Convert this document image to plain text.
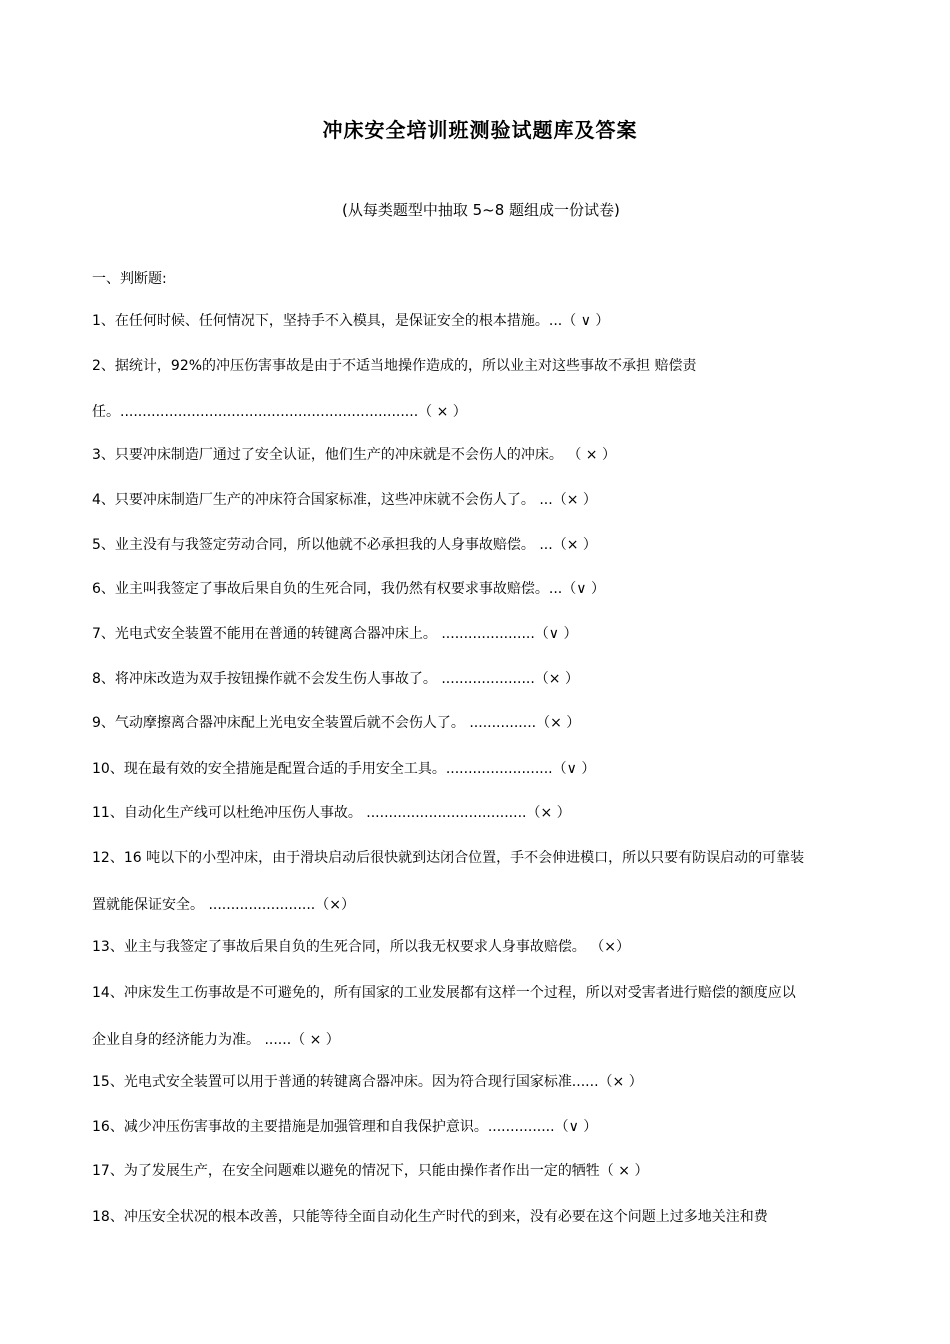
冲床安全培训班测验试题库及答案
(从每类题型中抽取 5~8 题组成一份试卷)
一、判断题:
1、在任何时候、任何情况下，坚持手不入模具，是保证安全的根本措施。...（ ∨ ）
2、据统计，92%的冲压伤害事故是由于不适当地操作造成的，所以业主对这些事故不承担 赔偿责
任。...................................................................（ × ）
3、只要冲床制造厂通过了安全认证，他们生产的冲床就是不会伤人的冲床。 （ × ）
4、只要冲床制造厂生产的冲床符合国家标准，这些冲床就不会伤人了。 ...（× ）
5、业主没有与我签定劳动合同，所以他就不必承担我的人身事故赔偿。 ...（× ）
6、业主叫我签定了事故后果自负的生死合同，我仍然有权要求事故赔偿。...（∨ ）
7、光电式安全装置不能用在普通的转键离合器冲床上。 .....................（∨ ）
8、将冲床改造为双手按钮操作就不会发生伤人事故了。 .....................（× ）
9、气动摩擦离合器冲床配上光电安全装置后就不会伤人了。 ...............（× ）
10、现在最有效的安全措施是配置合适的手用安全工具。........................（∨ ）
11、自动化生产线可以杜绝冲压伤人事故。 ....................................（× ）
12、16 吨以下的小型冲床，由于滑块启动后很快就到达闭合位置，手不会伸进模口，所以只要有防误启动的可靠装
置就能保证安全。 ........................（×）
13、业主与我签定了事故后果自负的生死合同，所以我无权要求人身事故赔偿。 （×）
14、冲床发生工伤事故是不可避免的，所有国家的工业发展都有这样一个过程，所以对受害者进行赔偿的额度应以
企业自身的经济能力为准。 ......（ × ）
15、光电式安全装置可以用于普通的转键离合器冲床。因为符合现行国家标准......（× ）
16、减少冲压伤害事故的主要措施是加强管理和自我保护意识。...............（∨ ）
17、为了发展生产，在安全问题难以避免的情况下，只能由操作者作出一定的牺牲（ × ）
18、冲压安全状况的根本改善，只能等待全面自动化生产时代的到来，没有必要在这个问题上过多地关注和费
